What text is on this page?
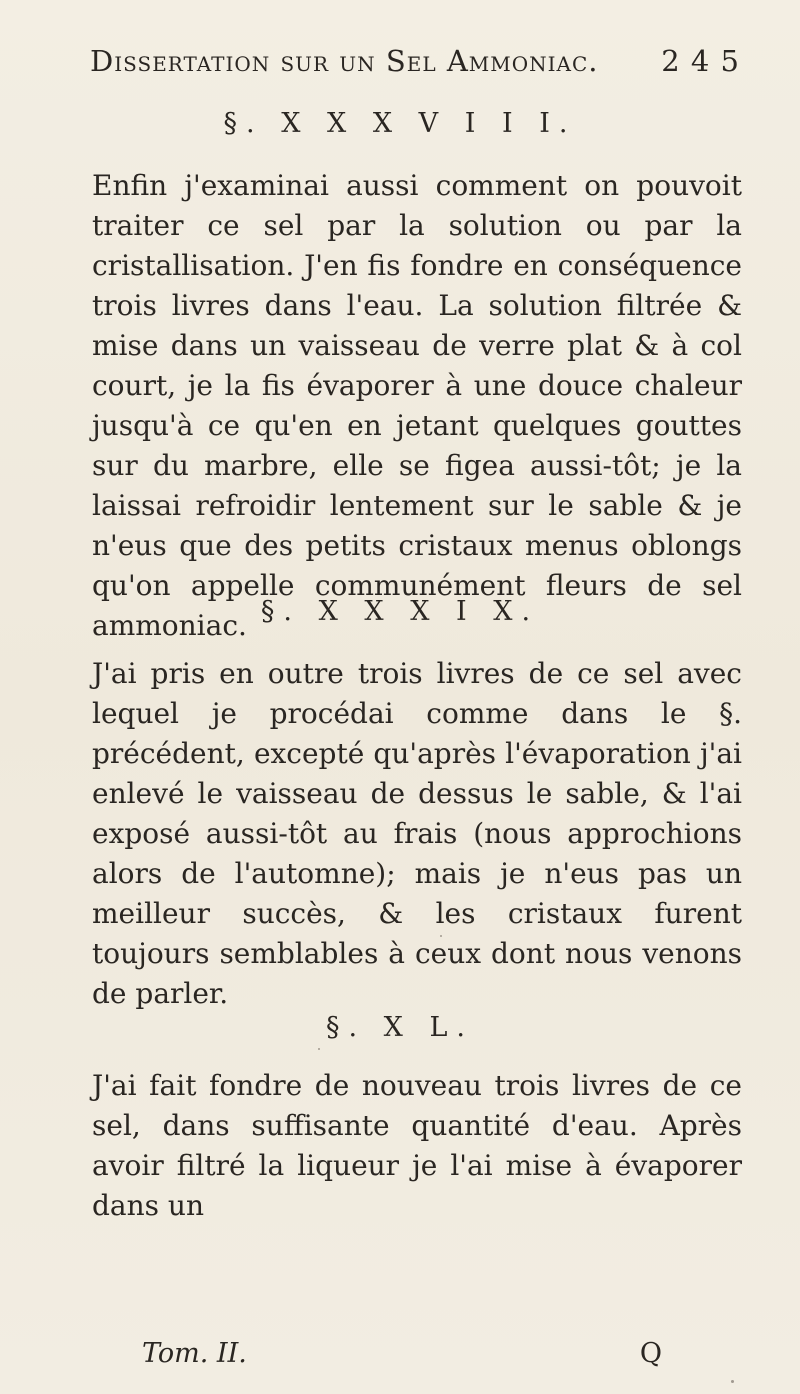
Dissertation sur un Sel Ammoniac. 2 4 5
§. X X X V I I I.

Enfin j'examinai aussi comment on pouvoit traiter ce sel par la solution ou par la cristallisation. J'en fis fondre en conséquence trois livres dans l'eau. La solution filtrée & mise dans un vaisseau de verre plat & à col court, je la fis évaporer à une douce chaleur jusqu'à ce qu'en en jetant quelques gouttes sur du marbre, elle se figea aussi-tôt; je la laissai refroidir lentement sur le sable & je n'eus que des petits cristaux menus oblongs qu'on appelle communément fleurs de sel ammoniac. §. X X X I X.

J'ai pris en outre trois livres de ce sel avec lequel je procédai comme dans le §. précédent, excepté qu'après l'évaporation j'ai enlevé le vaisseau de dessus le sable, & l'ai exposé aussi-tôt au frais (nous approchions alors de l'automne); mais je n'eus pas un meilleur succès, & les cristaux furent toujours semblables à ceux dont nous venons de parler.

§. X L.

J'ai fait fondre de nouveau trois livres de ce sel, dans suffisante quantité d'eau. Après avoir filtré la liqueur je l'ai mise à évaporer dans un

Tom. II.	Q
